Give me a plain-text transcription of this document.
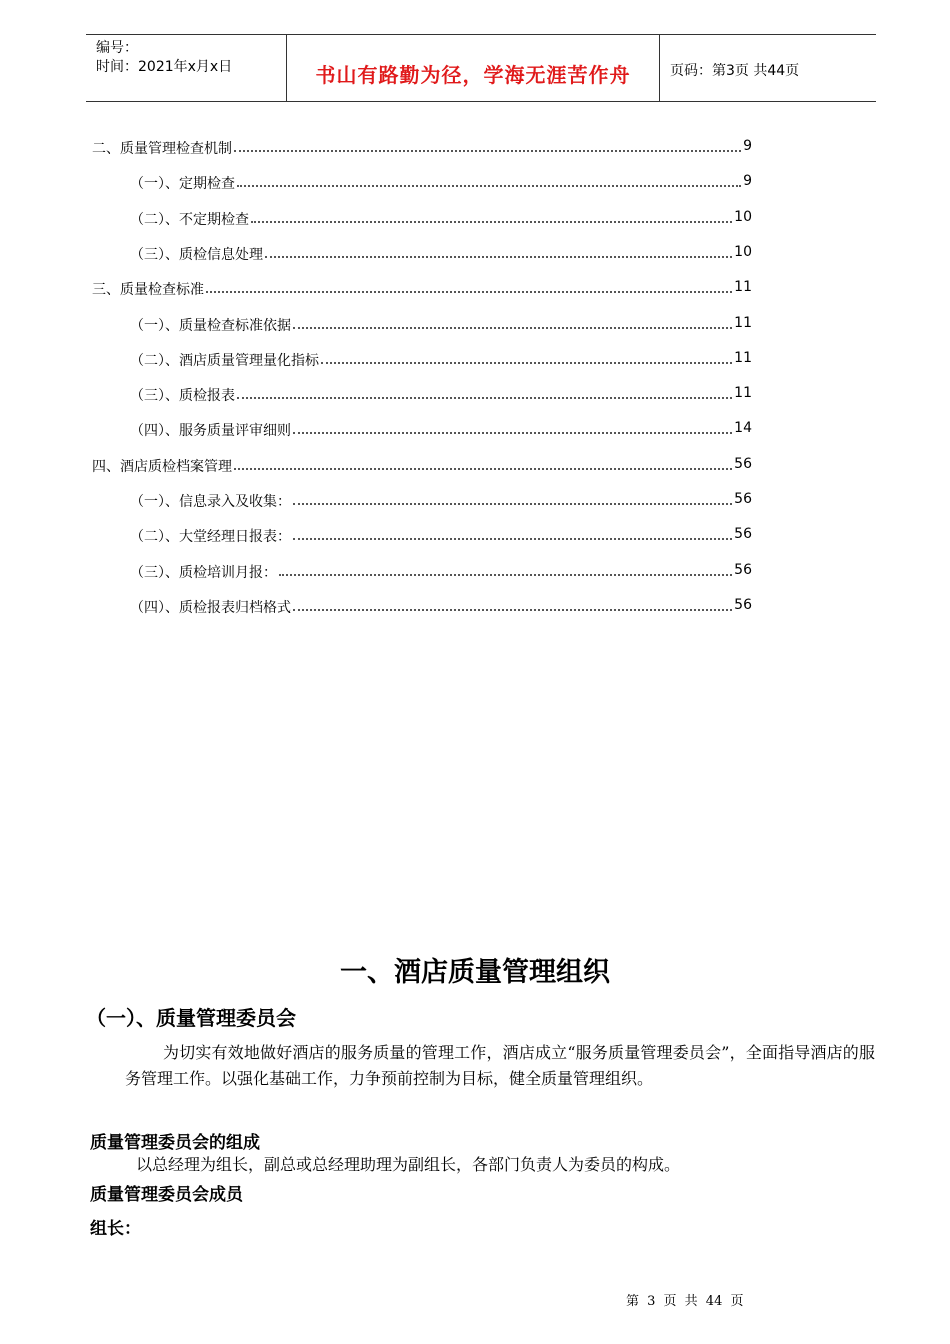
编号：
时间：2021年x月x日	书山有路勤为径，学海无涯苦作舟	页码：第3页 共44页
二、质量管理检查机制	9
（一）、定期检查	9
（二）、不定期检查	10
（三）、质检信息处理	10
三、质量检查标准	11
（一）、质量检查标准依据	11
（二）、酒店质量管理量化指标	11
（三）、质检报表	11
（四）、服务质量评审细则	14
四、酒店质检档案管理	56
（一）、信息录入及收集：	56
（二）、大堂经理日报表：	56
（三）、质检培训月报：	56
（四）、质检报表归档格式	56
一、酒店质量管理组织
（一）、质量管理委员会
为切实有效地做好酒店的服务质量的管理工作，酒店成立“服务质量管理委员会”，全面指导酒店的服务管理工作。以强化基础工作，力争预前控制为目标，健全质量管理组织。
质量管理委员会的组成
以总经理为组长，副总或总经理助理为副组长，各部门负责人为委员的构成。
质量管理委员会成员
组长：
第 3 页 共 44 页
